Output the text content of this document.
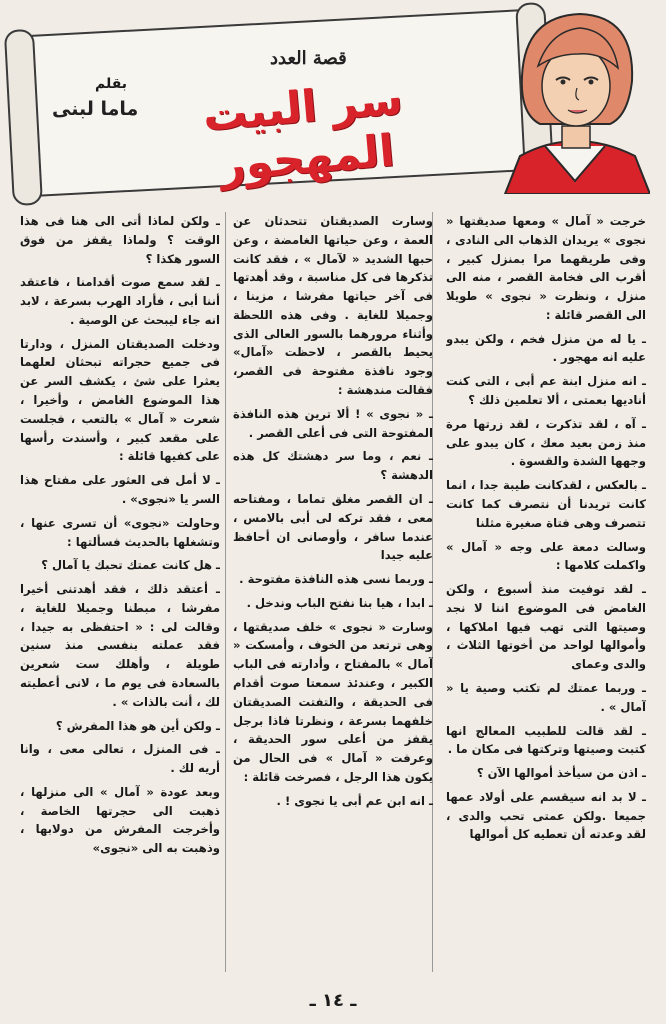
قصة العدد
سر البيت المهجور
بقلم
ماما لبنى

خرجت « آمال » ومعها صديقتها « نجوى » يريدان الذهاب الى النادى ، وفى طريقهما مرا بمنزل كبير ، أقرب الى فخامة القصر ، منه الى منزل ، ونظرت « نجوى » طويلا الى القصر قائلة :

ـ يا له من منزل فخم ، ولكن يبدو عليه انه مهجور .

ـ انه منزل ابنة عم أبى ، التى كنت أناديها بعمتى ، ألا تعلمين ذلك ؟

ـ آه ، لقد تذكرت ، لقد زرتها مرة منذ زمن بعيد معك ، كان يبدو على وجهها الشدة والقسوة .

ـ بالعكس ، لقدكانت طيبة جدا ، انما كانت تريدنا أن نتصرف كما كانت تتصرف وهى فتاة صغيرة مثلنا

وسالت دمعة على وجه « آمال » واكملت كلامها :

ـ لقد توفيت منذ أسبوع ، ولكن الغامض فى الموضوع اننا لا نجد وصيتها التى تهب فيها املاكها ، وأموالها لواحد من أخوتها الثلاث ، والدى وعماى

ـ وربما عمتك لم تكتب وصية يا « آمال » .

ـ لقد قالت للطبيب المعالج انها كتبت وصيتها وتركتها فى مكان ما .

ـ اذن من سيأخذ أموالها الآن ؟

ـ لا بد انه سيقسم على أولاد عمها جميعا .ولكن عمتى تحب والدى ، لقد وعدته أن تعطيه كل أموالها

وسارت الصديقتان تتحدثان عن العمة ، وعن حياتها الغامضة ، وعن حبها الشديد « لآمال » ، فقد كانت تذكرها فى كل مناسبة ، وقد أهدتها فى آخر حياتها مفرشا ، مزينا ، وجميلا للغاية . وفى هذه اللحظة وأثناء مرورهما بالسور العالى الذى يحيط بالقصر ، لاحظت «آمال» وجود نافذة مفتوحة فى القصر، فقالت مندهشة :

ـ « نجوى » ! ألا ترين هذه النافذة المفتوحة التى فى أعلى القصر .

ـ نعم ، وما سر دهشتك كل هذه الدهشة ؟

ـ ان القصر مغلق تماما ، ومفتاحه معى ، فقد تركه لى أبى بالامس ، عندما سافر ، وأوصانى ان أحافظ عليه جيدا

ـ وربما نسى هذه النافذة مفتوحة .

ـ ابدا ، هيا بنا نفتح الباب وندخل .

وسارت « نجوى » خلف صديقتها ، وهى ترتعد من الخوف ، وأمسكت « آمال » بالمفتاح ، وأدارته فى الباب الكبير ، وعندئذ سمعتا صوت أقدام فى الحديقة ، والتفتت الصديقتان خلفهما بسرعة ، ونظرتا فاذا برجل يقفز من أعلى سور الحديقة ، وعرفت « آمال » فى الحال من يكون هذا الرجل ، فصرخت قائلة :

ـ انه ابن عم أبى يا نجوى ! .

ـ ولكن لماذا أتى الى هنا فى هذا الوقت ؟ ولماذا يقفز من فوق السور هكذا ؟

ـ لقد سمع صوت أقدامنا ، فاعتقد أننا أبى ، فأراد الهرب بسرعة ، لابد انه جاء ليبحث عن الوصية .

ودخلت الصديقتان المنزل ، ودارتا فى جميع حجراته تبحثان لعلهما يعثرا على شئ ، يكشف السر عن هذا الموضوع الغامض ، وأخيرا ، شعرت « آمال » بالتعب ، فجلست على مقعد كبير ، وأسندت رأسها على كفيها قائلة :

ـ لا أمل فى العثور على مفتاح هذا السر يا «نجوى» .

وحاولت «نجوى» أن تسرى عنها ، وتشغلها بالحديث فسألتها :

ـ هل كانت عمتك تحبك يا آمال ؟

ـ أعتقد ذلك ، فقد أهدتنى أخيرا مفرشا ، مبطنا وجميلا للغاية ، وقالت لى : « احتفظى به جيدا ، فقد عملته بنفسى منذ سنين طويلة ، وأهلك ست شعرين بالسعادة فى يوم ما ، لانى أعطيته لك ، أنت بالذات » .

ـ ولكن أين هو هذا المفرش ؟

ـ فى المنزل ، تعالى معى ، وانا أريه لك .

وبعد عودة « آمال » الى منزلها ، ذهبت الى حجرتها الخاصة ، وأخرجت المفرش من دولابها ، وذهبت به الى «نجوى»

ـ ١٤ ـ
